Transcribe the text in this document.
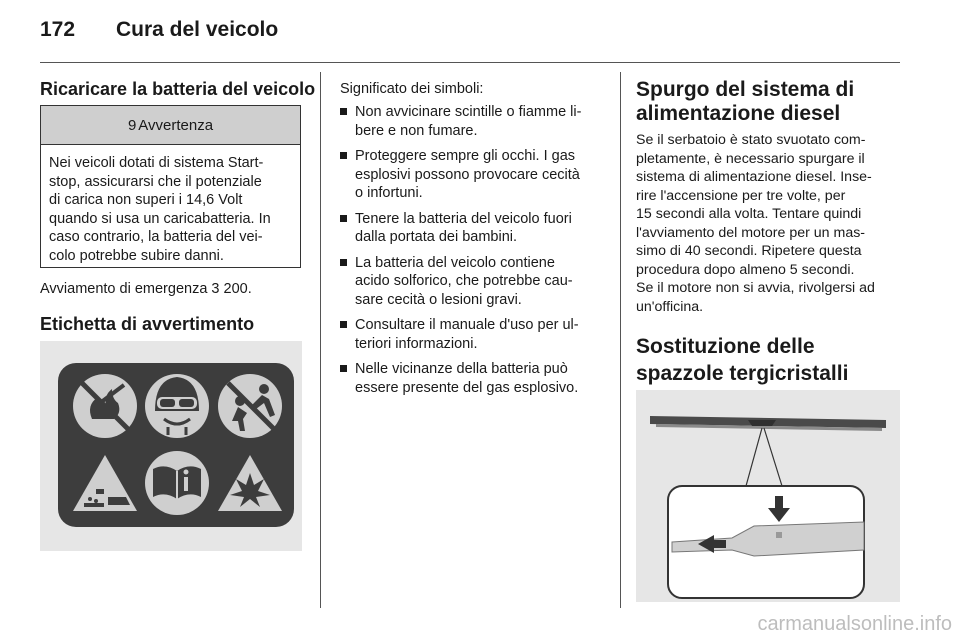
172 Cura del veicolo
Ricaricare la batteria del veicolo
9 Avvertenza
Nei veicoli dotati di sistema Start-
stop, assicurarsi che il potenziale
di carica non superi i 14,6 Volt
quando si usa un caricabatteria. In
caso contrario, la batteria del vei-
colo potrebbe subire danni.
Avviamento di emergenza 3 200.
Etichetta di avvertimento
Significato dei simboli:
Non avvicinare scintille o fiamme li-
bere e non fumare.
Proteggere sempre gli occhi. I gas
esplosivi possono provocare cecità
o infortuni.
Tenere la batteria del veicolo fuori
dalla portata dei bambini.
La batteria del veicolo contiene
acido solforico, che potrebbe cau-
sare cecità o lesioni gravi.
Consultare il manuale d'uso per ul-
teriori informazioni.
Nelle vicinanze della batteria può
essere presente del gas esplosivo.
Spurgo del sistema di
alimentazione diesel
Se il serbatoio è stato svuotato com-
pletamente, è necessario spurgare il
sistema di alimentazione diesel. Inse-
rire l'accensione per tre volte, per
15 secondi alla volta. Tentare quindi
l'avviamento del motore per un mas-
simo di 40 secondi. Ripetere questa
procedura dopo almeno 5 secondi.
Se il motore non si avvia, rivolgersi ad
un'officina.
Sostituzione delle
spazzole tergicristalli
carmanualsonline.info
